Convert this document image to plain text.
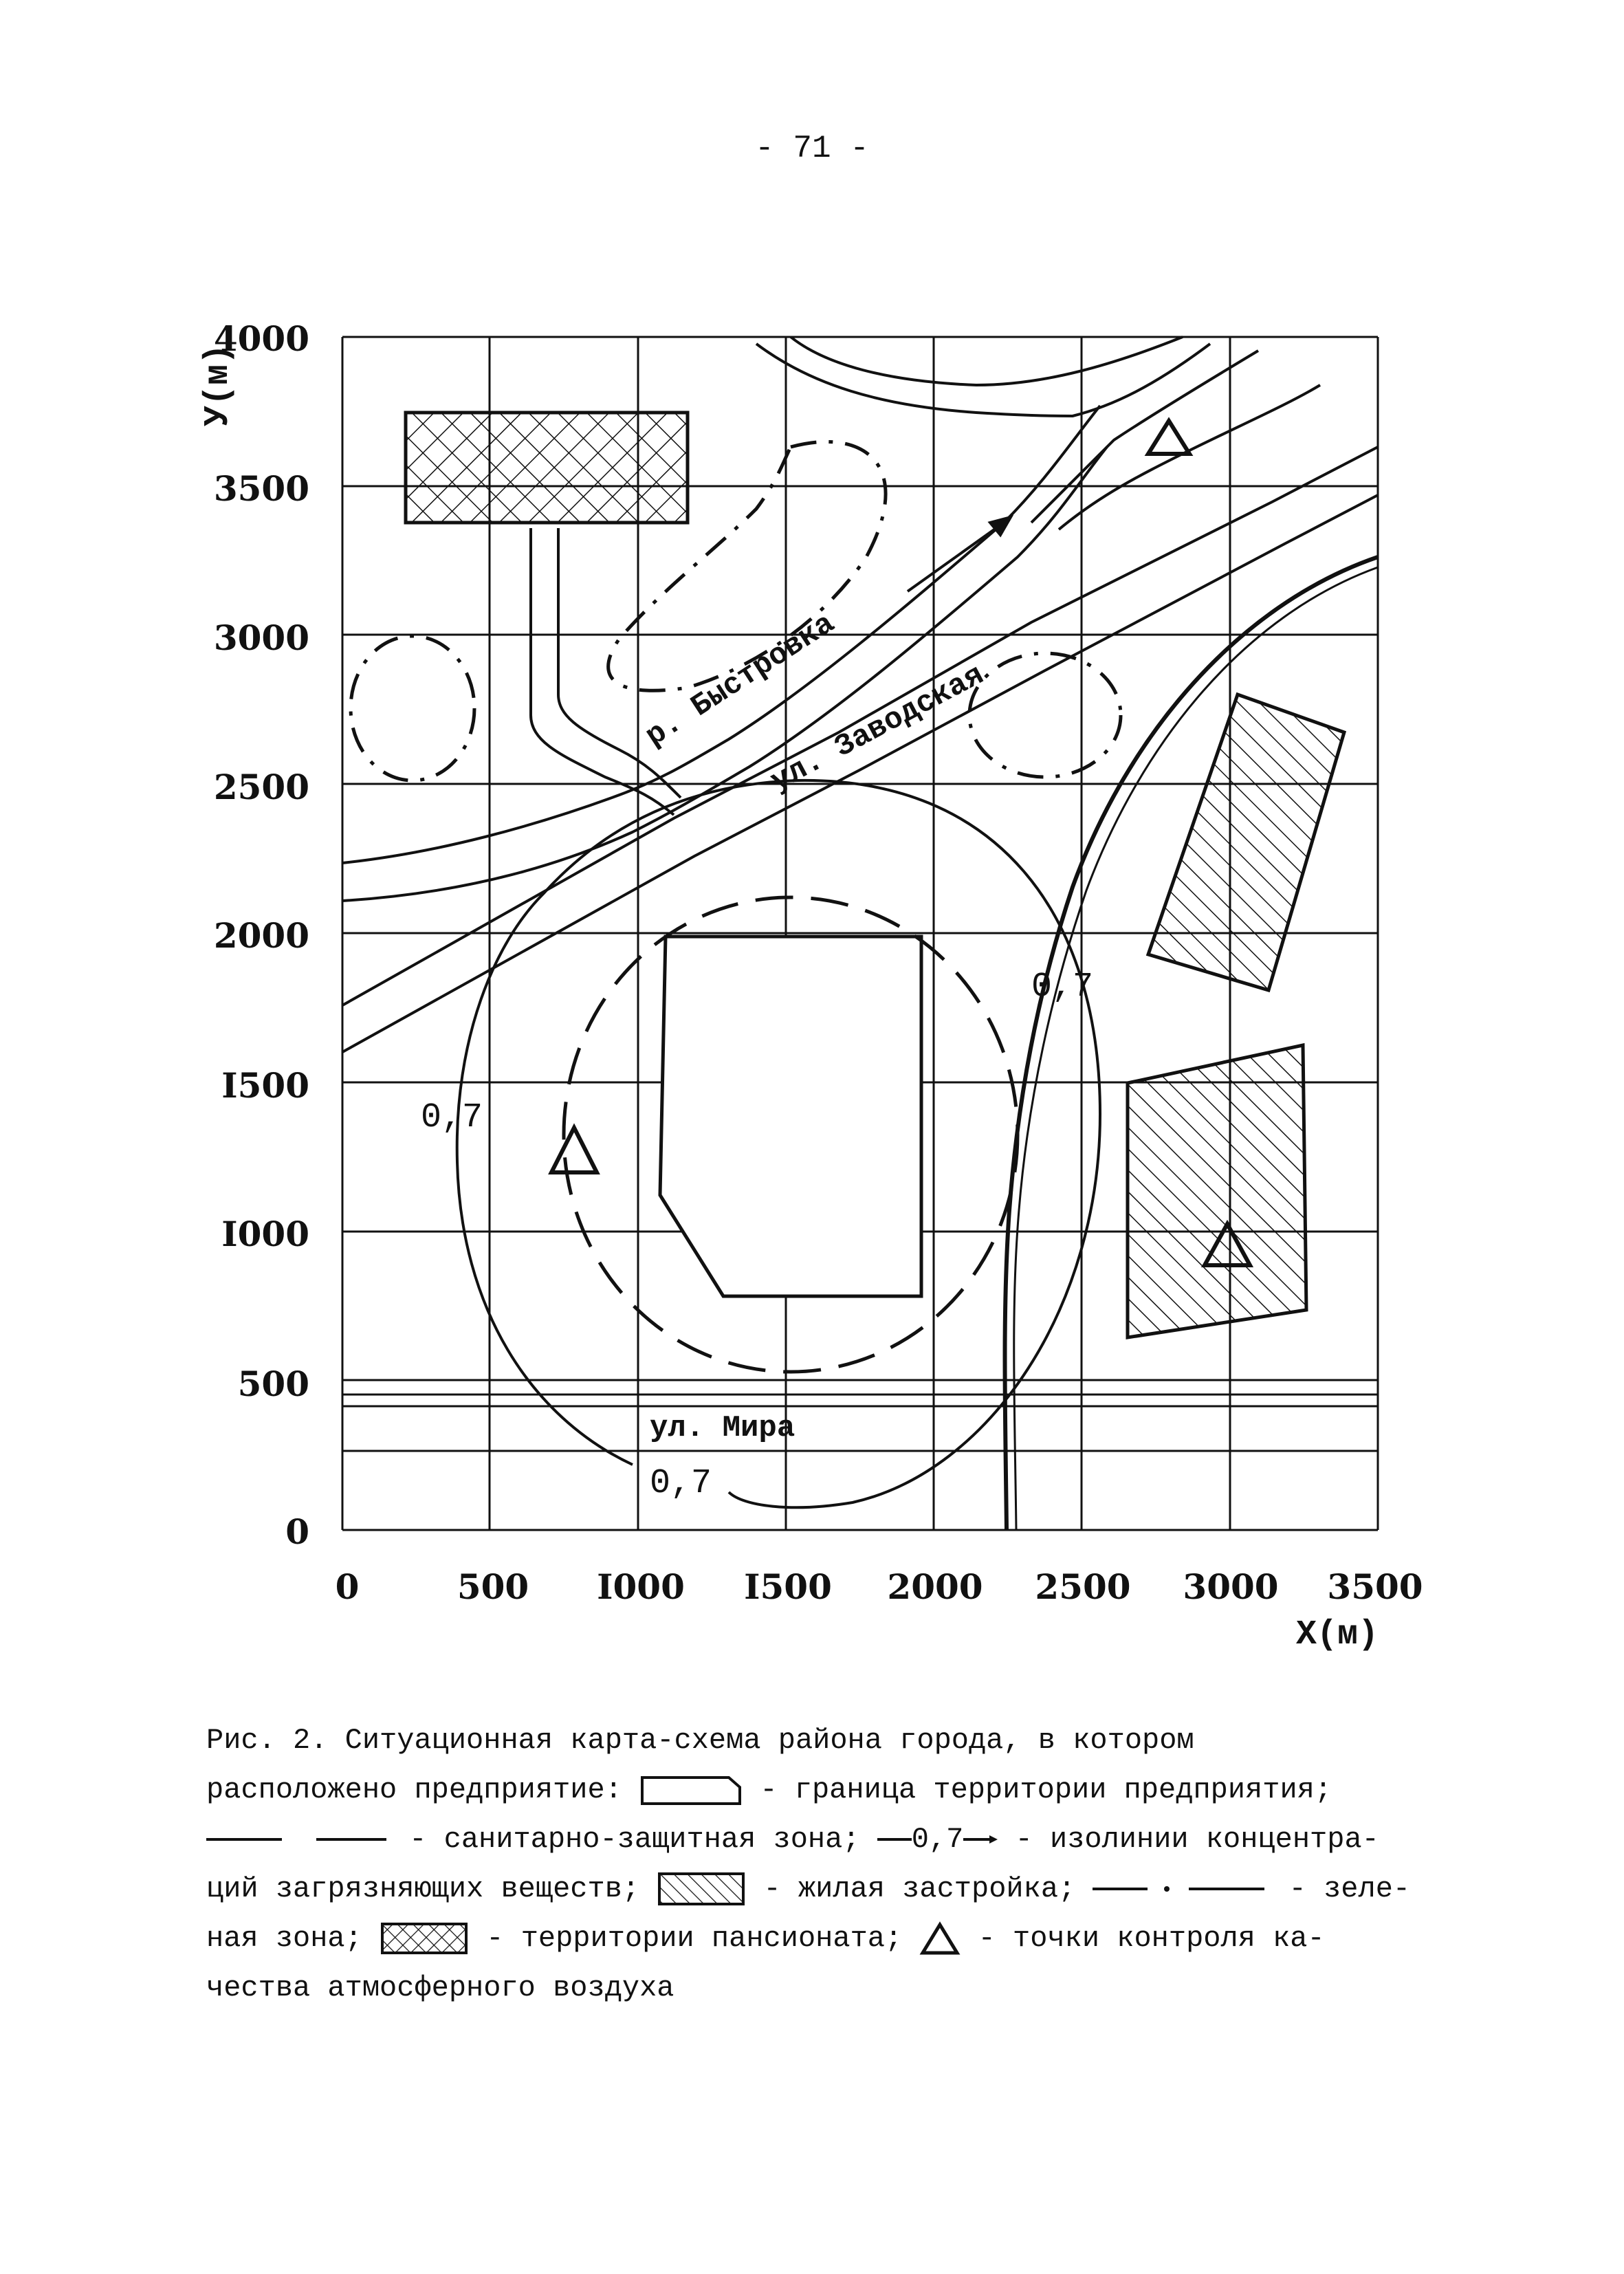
- 71 -
0,7
0,7
0,7
р. Быстровка
ул. Заводская
ул. Мира
4000
3500
3000
2500
2000
I500
I000
500
0
0	500 I000 I500 2000 2500 3000 3500
У(м)
Х(м)
Рис. 2. Ситуационная карта-схема района города, в котором
расположено предприятие:	- граница территории предприятия;
- санитарно-защитная зона; 0,7 - изолинии концентра-
ций загрязняющих веществ;	- жилая застройка;	- зеле-
ная зона;	- территории пансионата;	- точки контроля ка-
чества атмосферного воздуха
